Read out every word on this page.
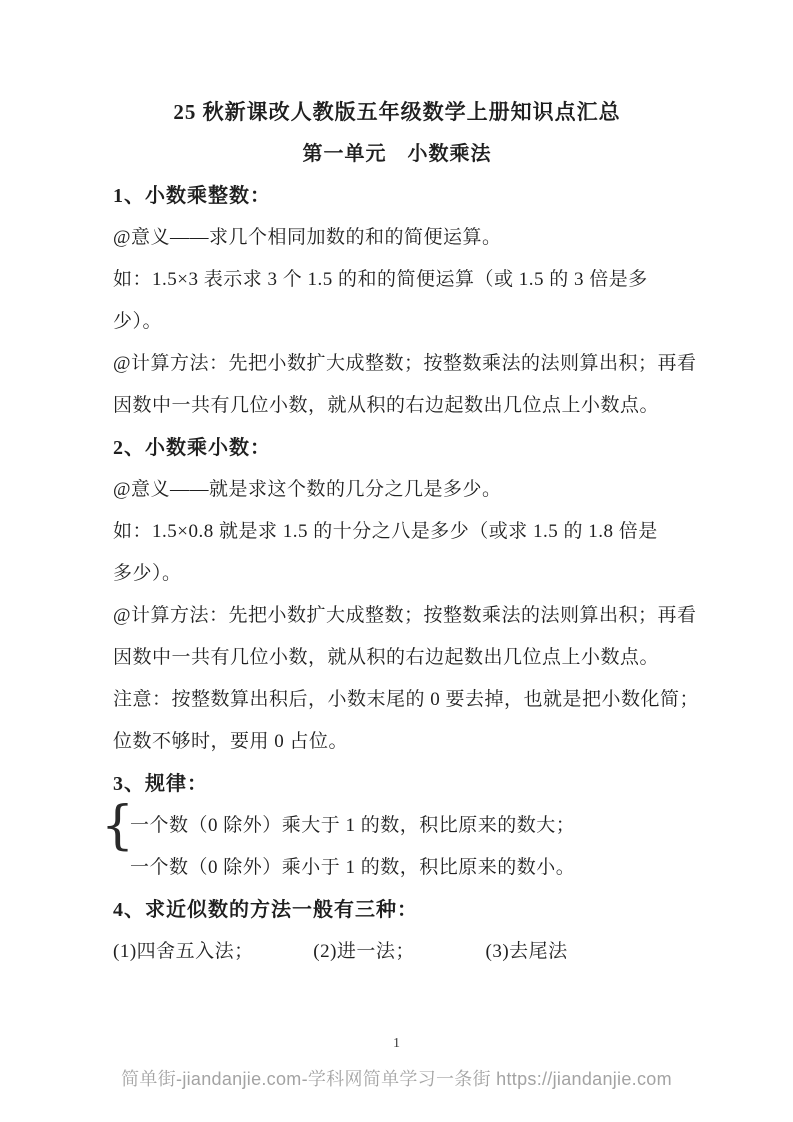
25 秋新课改人教版五年级数学上册知识点汇总
第一单元　小数乘法
1、小数乘整数：
@意义——求几个相同加数的和的简便运算。
如：1.5×3 表示求 3 个 1.5 的和的简便运算（或 1.5 的 3 倍是多
少）。
@计算方法：先把小数扩大成整数；按整数乘法的法则算出积；再看
因数中一共有几位小数，就从积的右边起数出几位点上小数点。
2、小数乘小数：
@意义——就是求这个数的几分之几是多少。
如：1.5×0.8 就是求 1.5 的十分之八是多少（或求 1.5 的 1.8 倍是
多少）。
@计算方法：先把小数扩大成整数；按整数乘法的法则算出积；再看
因数中一共有几位小数，就从积的右边起数出几位点上小数点。
注意：按整数算出积后，小数末尾的 0 要去掉，也就是把小数化简；
位数不够时，要用 0 占位。
3、规律：
{
一个数（0 除外）乘大于 1 的数，积比原来的数大；
一个数（0 除外）乘小于 1 的数，积比原来的数小。
4、求近似数的方法一般有三种：
(1)四舍五入法；	(2)进一法；	(3)去尾法
1
简单街-jiandanjie.com-学科网简单学习一条街 https://jiandanjie.com
